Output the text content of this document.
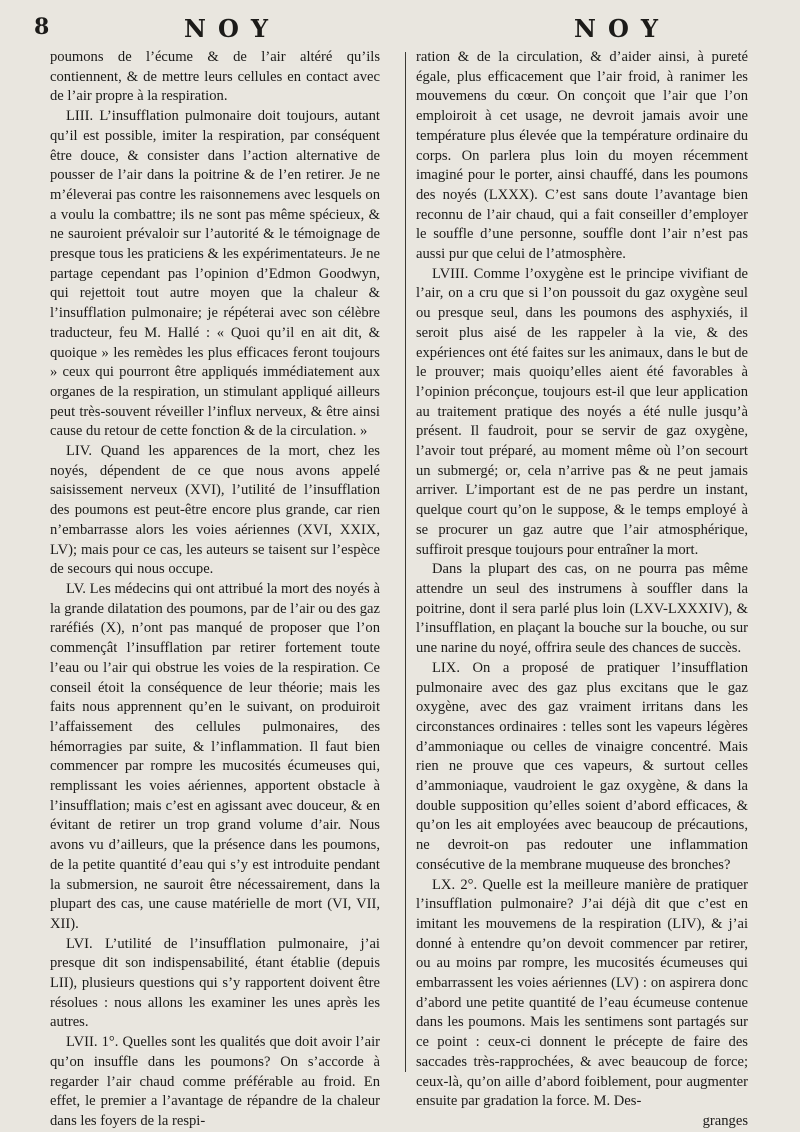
8	NOY	NOY

poumons de l’écume & de l’air altéré qu’ils contiennent, & de mettre leurs cellules en contact avec de l’air propre à la respiration.

LIII. L’insufflation pulmonaire doit toujours, autant qu’il est possible, imiter la respiration, par conséquent être douce, & consister dans l’action alternative de pousser de l’air dans la poitrine & de l’en retirer. Je ne m’éleverai pas contre les raisonnemens avec lesquels on a voulu la combattre; ils ne sont pas même spécieux, & ne sauroient prévaloir sur l’autorité & le témoignage de presque tous les praticiens & les expérimentateurs. Je ne partage cependant pas l’opinion d’Edmon Goodwyn, qui rejettoit tout autre moyen que la chaleur & l’insufflation pulmonaire; je répéterai avec son célèbre traducteur, feu M. Hallé : « Quoi qu’il en ait dit, & quoique » les remèdes les plus efficaces feront toujours » ceux qui pourront être appliqués immédiatement aux organes de la respiration, un stimulant appliqué ailleurs peut très-souvent réveiller l’influx nerveux, & être ainsi cause du retour de cette fonction & de la circulation. »

LIV. Quand les apparences de la mort, chez les noyés, dépendent de ce que nous avons appelé saisissement nerveux (XVI), l’utilité de l’insufflation des poumons est peut-être encore plus grande, car rien n’embarrasse alors les voies aériennes (XVI, XXIX, LV); mais pour ce cas, les auteurs se taisent sur l’espèce de secours qui nous occupe.

LV. Les médecins qui ont attribué la mort des noyés à la grande dilatation des poumons, par de l’air ou des gaz raréfiés (X), n’ont pas manqué de proposer que l’on commençât l’insufflation par retirer fortement toute l’eau ou l’air qui obstrue les voies de la respiration. Ce conseil étoit la conséquence de leur théorie; mais les faits nous apprennent qu’en le suivant, on produiroit l’affaissement des cellules pulmonaires, des hémorragies par suite, & l’inflammation. Il faut bien commencer par rompre les mucosités écumeuses qui, remplissant les voies aériennes, apportent obstacle à l’insufflation; mais c’est en agissant avec douceur, & en évitant de retirer un trop grand volume d’air. Nous avons vu d’ailleurs, que la présence dans les poumons, de la petite quantité d’eau qui s’y est introduite pendant la submersion, ne sauroit être nécessairement, dans la plupart des cas, une cause matérielle de mort (VI, VII, XII).

LVI. L’utilité de l’insufflation pulmonaire, j’ai presque dit son indispensabilité, étant établie (depuis LII), plusieurs questions qui s’y rapportent doivent être résolues : nous allons les examiner les unes après les autres.

LVII. 1°. Quelles sont les qualités que doit avoir l’air qu’on insuffle dans les poumons? On s’accorde à regarder l’air chaud comme préférable au froid. En effet, le premier a l’avantage de répandre de la chaleur dans les foyers de la respi-

ration & de la circulation, & d’aider ainsi, à pureté égale, plus efficacement que l’air froid, à ranimer les mouvemens du cœur. On conçoit que l’air que l’on emploiroit à cet usage, ne devroit jamais avoir une température plus élevée que la température ordinaire du corps. On parlera plus loin du moyen récemment imaginé pour le porter, ainsi chauffé, dans les poumons des noyés (LXXX). C’est sans doute l’avantage bien reconnu de l’air chaud, qui a fait conseiller d’employer le souffle d’une personne, souffle dont l’air n’est pas aussi pur que celui de l’atmosphère.

LVIII. Comme l’oxygène est le principe vivifiant de l’air, on a cru que si l’on poussoit du gaz oxygène seul ou presque seul, dans les poumons des asphyxiés, il seroit plus aisé de les rappeler à la vie, & des expériences ont été faites sur les animaux, dans le but de le prouver; mais quoiqu’elles aient été favorables à l’opinion préconçue, toujours est-il que leur application au traitement pratique des noyés a été nulle jusqu’à présent. Il faudroit, pour se servir de gaz oxygène, l’avoir tout préparé, au moment même où l’on secourt un submergé; or, cela n’arrive pas & ne peut jamais arriver. L’important est de ne pas perdre un instant, quelque court qu’on le suppose, & le temps employé à se procurer un gaz autre que l’air atmosphérique, suffiroit presque toujours pour entraîner la mort.

Dans la plupart des cas, on ne pourra pas même attendre un seul des instrumens à souffler dans la poitrine, dont il sera parlé plus loin (LXV-LXXXIV), & l’insufflation, en plaçant la bouche sur la bouche, ou sur une narine du noyé, offrira seule des chances de succès.

LIX. On a proposé de pratiquer l’insufflation pulmonaire avec des gaz plus excitans que le gaz oxygène, avec des gaz vraiment irritans dans les circonstances ordinaires : telles sont les vapeurs légères d’ammoniaque ou celles de vinaigre concentré. Mais rien ne prouve que ces vapeurs, & surtout celles d’ammoniaque, vaudroient le gaz oxygène, & dans la double supposition qu’elles soient d’abord efficaces, & qu’on les ait employées avec beaucoup de précautions, ne devroit-on pas redouter une inflammation consécutive de la membrane muqueuse des bronches?

LX. 2°. Quelle est la meilleure manière de pratiquer l’insufflation pulmonaire? J’ai déjà dit que c’est en imitant les mouvemens de la respiration (LIV), & j’ai donné à entendre qu’on devoit commencer par retirer, ou au moins par rompre, les mucosités écumeuses qui embarrassent les voies aériennes (LV) : on aspirera donc d’abord une petite quantité de l’eau écumeuse contenue dans les poumons. Mais les sentimens sont partagés sur ce point : ceux-ci donnent le précepte de faire des saccades très-rapprochées, & avec beaucoup de force; ceux-là, qu’on aille d’abord foiblement, pour augmenter ensuite par gradation la force. M. Des-

granges
